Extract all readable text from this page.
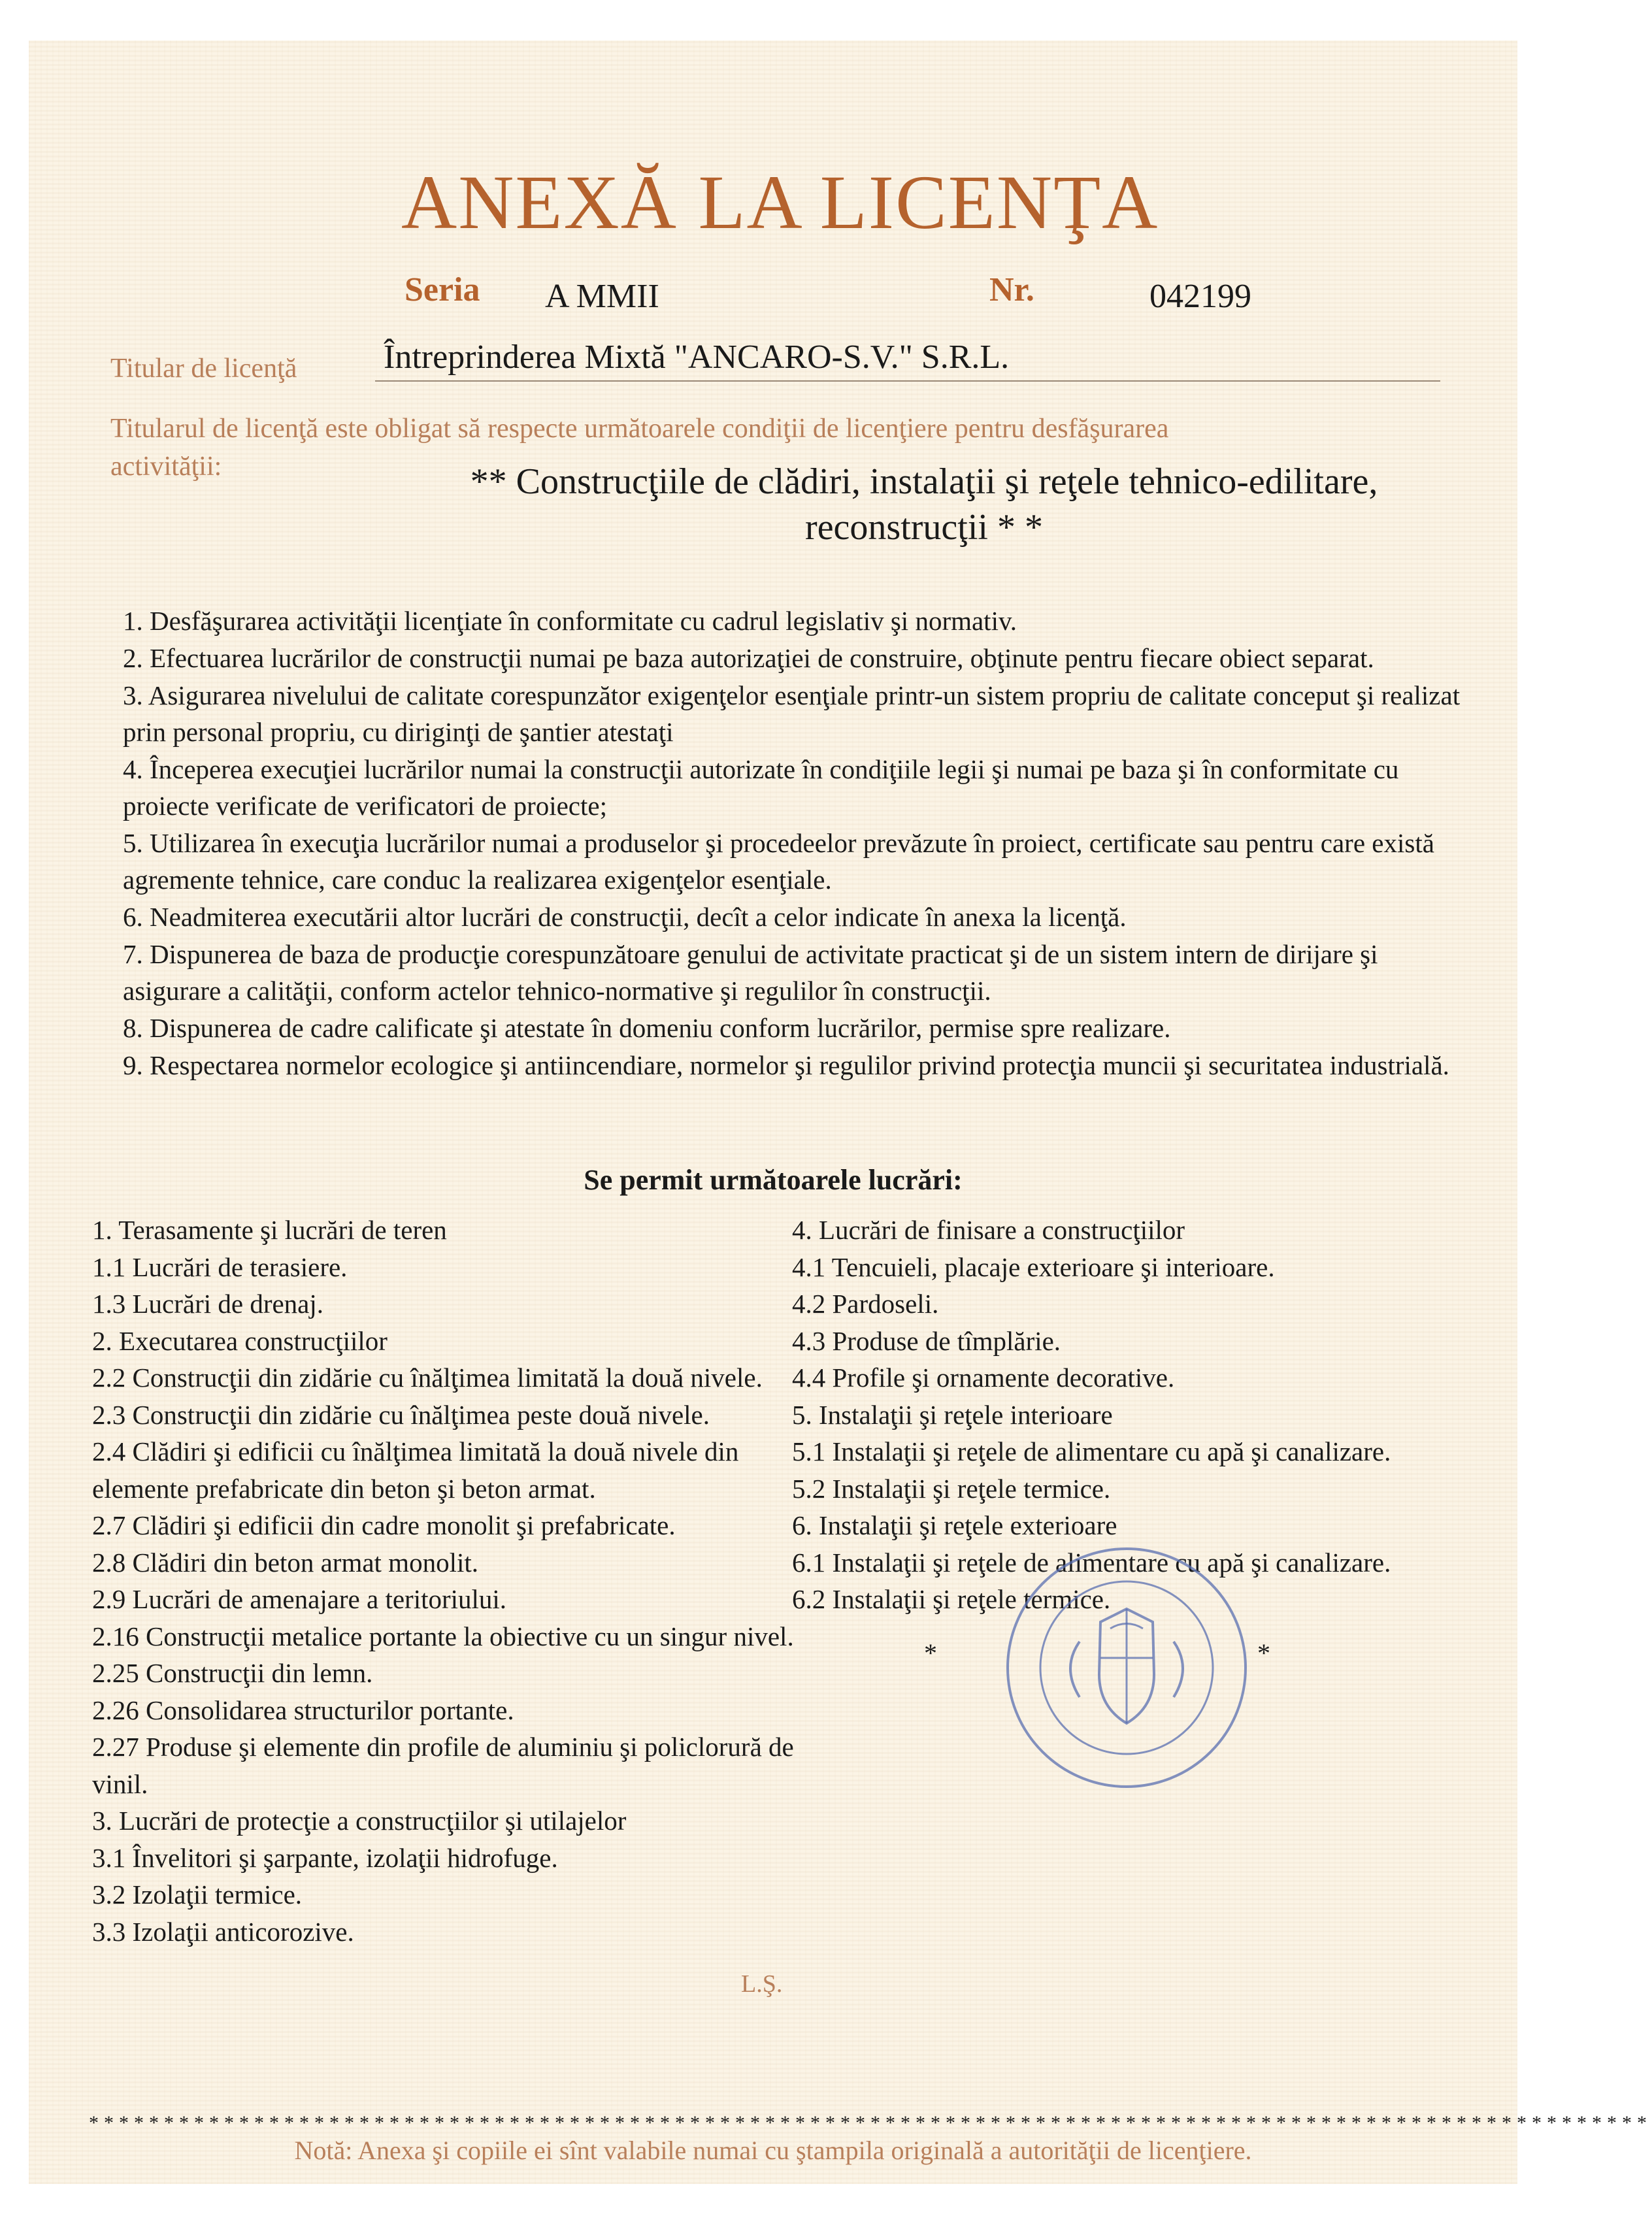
ANEXĂ LA LICENŢA
Seria A MMII	Nr.	042199
Titular de licenţă	Întreprinderea Mixtă "ANCARO-S.V." S.R.L.
Titularul de licenţă este obligat să respecte următoarele condiţii de licenţiere pentru desfăşurarea
activităţii:	** Construcţiile de clădiri, instalaţii şi reţele tehnico-edilitare,
reconstrucţii * *
1. Desfăşurarea activităţii licenţiate în conformitate cu cadrul legislativ şi normativ.
2. Efectuarea lucrărilor de construcţii numai pe baza autorizaţiei de construire, obţinute pentru fiecare obiect separat.
3. Asigurarea nivelului de calitate corespunzător exigenţelor esenţiale printr-un sistem propriu de calitate conceput şi realizat prin personal propriu, cu diriginţi de şantier atestaţi
4. Începerea execuţiei lucrărilor numai la construcţii autorizate în condiţiile legii şi numai pe baza şi în conformitate cu proiecte verificate de verificatori de proiecte;
5. Utilizarea în execuţia lucrărilor numai a produselor şi procedeelor prevăzute în proiect, certificate sau pentru care există agremente tehnice, care conduc la realizarea exigenţelor esenţiale.
6. Neadmiterea executării altor lucrări de construcţii, decît a celor indicate în anexa la licenţă.
7. Dispunerea de baza de producţie corespunzătoare genului de activitate practicat şi de un sistem intern de dirijare şi asigurare a calităţii, conform actelor tehnico-normative şi regulilor în construcţii.
8. Dispunerea de cadre calificate şi atestate în domeniu conform lucrărilor, permise spre realizare.
9. Respectarea normelor ecologice şi antiincendiare, normelor şi regulilor privind protecţia muncii şi securitatea industrială.
Se permit următoarele lucrări:
1. Terasamente şi lucrări de teren
1.1 Lucrări de terasiere.
1.3 Lucrări de drenaj.
2. Executarea construcţiilor
2.2 Construcţii din zidărie cu înălţimea limitată la două nivele.
2.3 Construcţii din zidărie cu înălţimea peste două nivele.
2.4 Clădiri şi edificii cu înălţimea limitată la două nivele din elemente prefabricate din beton şi beton armat.
2.7 Clădiri şi edificii din cadre monolit şi prefabricate.
2.8 Clădiri din beton armat monolit.
2.9 Lucrări de amenajare a teritoriului.
2.16 Construcţii metalice portante la obiective cu un singur nivel.
2.25 Construcţii din lemn.
2.26 Consolidarea structurilor portante.
2.27 Produse şi elemente din profile de aluminiu şi policlorură de vinil.
3. Lucrări de protecţie a construcţiilor şi utilajelor
3.1 Învelitori şi şarpante, izolaţii hidrofuge.
3.2 Izolaţii termice.
3.3 Izolaţii anticorozive.
4. Lucrări de finisare a construcţiilor
4.1 Tencuieli, placaje exterioare şi interioare.
4.2 Pardoseli.
4.3 Produse de tîmplărie.
4.4 Profile şi ornamente decorative.
5. Instalaţii şi reţele interioare
5.1 Instalaţii şi reţele de alimentare cu apă şi canalizare.
5.2 Instalaţii şi reţele termice.
6. Instalaţii şi reţele exterioare
6.1 Instalaţii şi reţele de alimentare cu apă şi canalizare.
6.2 Instalaţii şi reţele termice.
*	*
L.Ş.
********************************************************************************************************
Notă: Anexa şi copiile ei sînt valabile numai cu ştampila originală a autorităţii de licenţiere.
